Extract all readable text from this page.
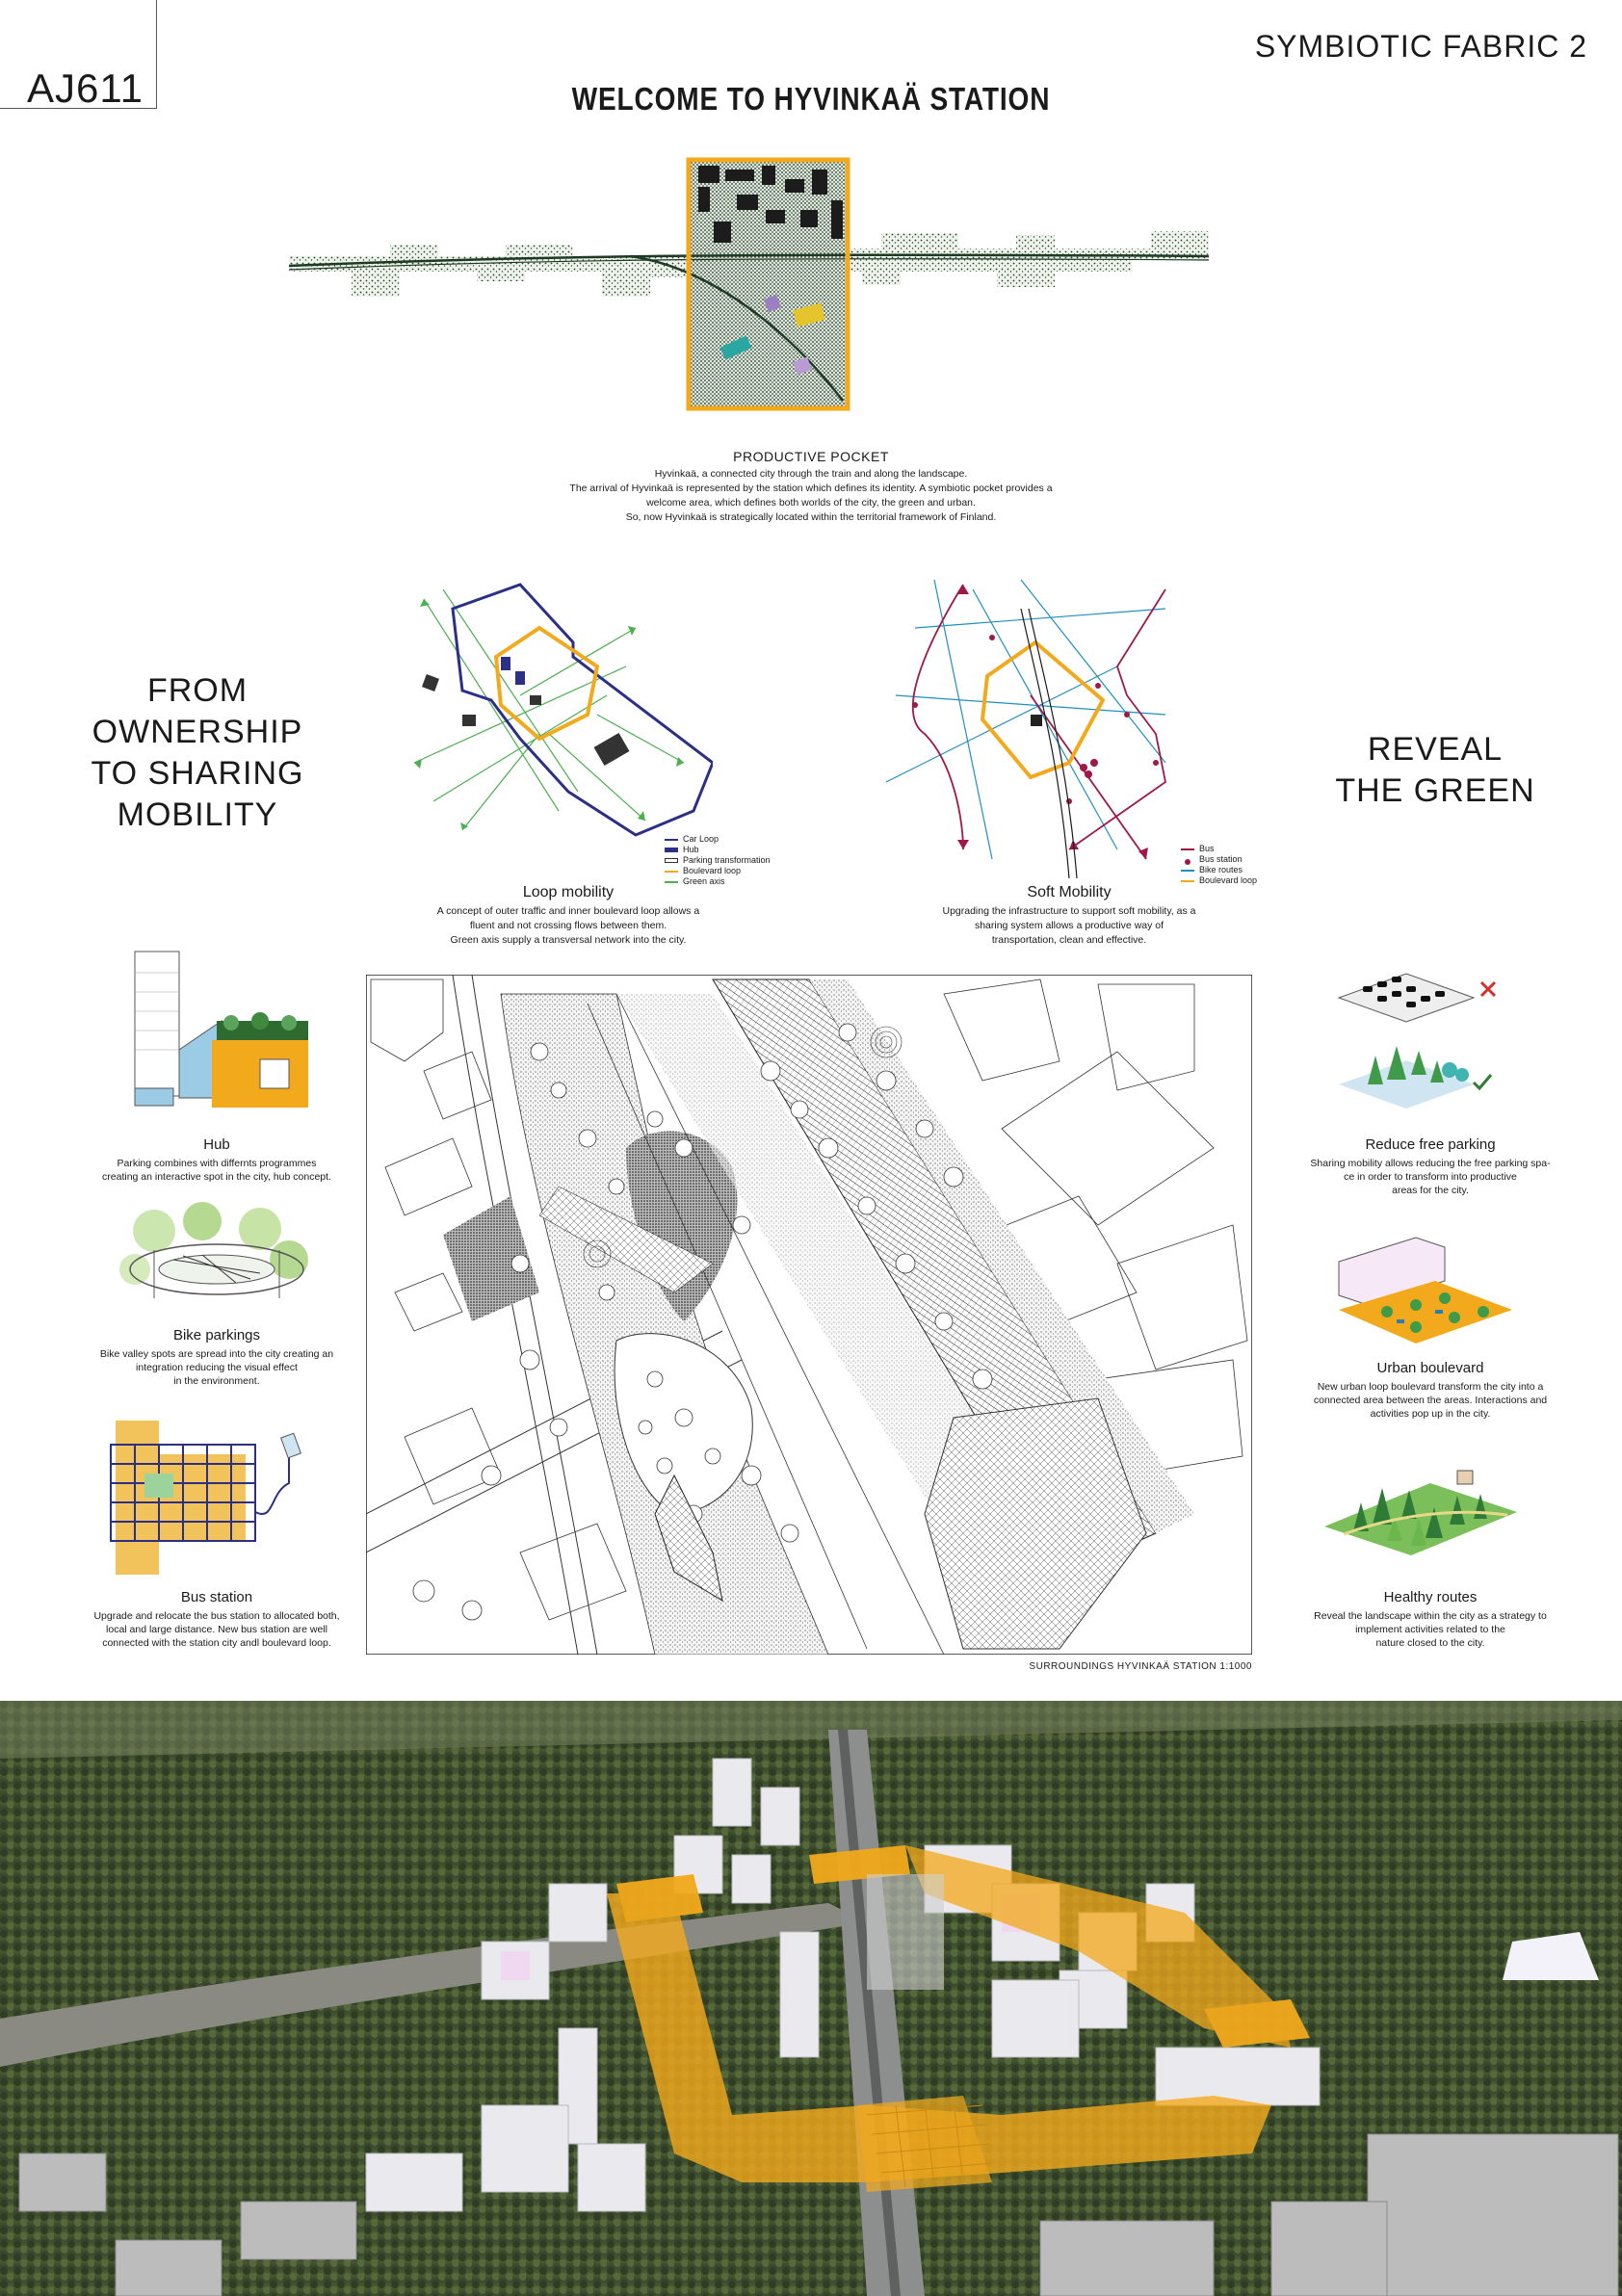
AJ611
SYMBIOTIC FABRIC 2
WELCOME TO HYVINKAÄ STATION
PRODUCTIVE POCKET
Hyvinkaä, a connected city through the train and along the landscape.
The arrival of Hyvinkaä is represented by the station which defines its identity. A symbiotic pocket provides a
welcome area, which defines both worlds of the city, the green and urban.
So, now Hyvinkaä is strategically located within the territorial framework of Finland.
FROM
OWNERSHIP
TO SHARING
MOBILITY
REVEAL
THE GREEN
Car Loop
Hub
Parking transformation
Boulevard loop
Green axis
Loop mobility
A concept of outer traffic and inner boulevard loop allows a
fluent and not crossing flows between them.
Green axis supply a transversal network into the city.
Bus
Bus station
Bike routes
Boulevard loop
Soft Mobility
Upgrading the infrastructure to support soft mobility, as a
sharing system allows a productive way of
transportation, clean and effective.
Hub
Parking combines with differnts programmes
creating an interactive spot in the city, hub concept.
Bike parkings
Bike valley spots are spread into the city creating an
integration reducing the visual effect
in the environment.
Bus station
Upgrade and relocate the bus station to allocated both,
local and large distance. New bus station are well
connected with the station city andl boulevard loop.
SURROUNDINGS HYVINKAÄ STATION 1:1000
Reduce free parking
Sharing mobility allows reducing the free parking spa-
ce in order to transform into productive
areas for the city.
Urban boulevard
New urban loop boulevard transform the city into a
connected area between the areas. Interactions and
activities pop up in the city.
Healthy routes
Reveal the landscape within the city as a strategy to
implement activities related to the
nature closed to the city.
